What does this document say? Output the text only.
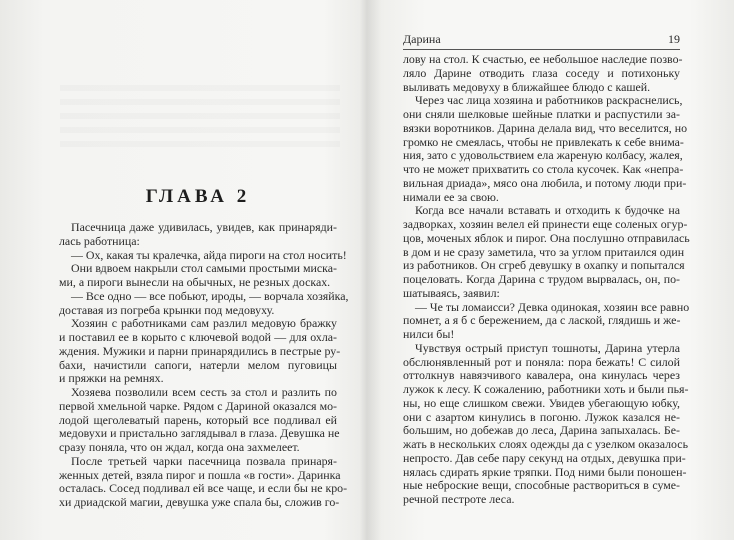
ГЛАВА 2
Пасечница даже удивилась, увидев, как принаряди-
лась работница:
— Ох, какая ты кралечка, айда пироги на стол носить!
Они вдвоем накрыли стол самыми простыми миска-
ми, а пироги вынесли на обычных, не резных досках.
— Все одно — все побьют, ироды, — ворчала хозяйка,
доставая из погреба крынки под медовуху.
Хозяин с работниками сам разлил медовую бражку
и поставил ее в корыто с ключевой водой — для охла-
ждения. Мужики и парни принарядились в пестрые ру-
бахи, начистили сапоги, натерли мелом пуговицы
и пряжки на ремнях.
Хозяева позволили всем сесть за стол и разлить по
первой хмельной чарке. Рядом с Дариной оказался мо-
лодой щеголеватый парень, который все подливал ей
медовухи и пристально заглядывал в глаза. Девушка не
сразу поняла, что он ждал, когда она захмелеет.
После третьей чарки пасечница позвала принаря-
женных детей, взяла пирог и пошла «в гости». Даринка
осталась. Сосед подливал ей все чаще, и если бы не кро-
хи дриадской магии, девушка уже спала бы, сложив го-
Дарина	19
лову на стол. К счастью, ее небольшое наследие позво-
ляло Дарине отводить глаза соседу и потихоньку
выливать медовуху в ближайшее блюдо с кашей.
Через час лица хозяина и работников раскраснелись,
они сняли шелковые шейные платки и распустили за-
вязки воротников. Дарина делала вид, что веселится, но
громко не смеялась, чтобы не привлекать к себе внима-
ния, зато с удовольствием ела жареную колбасу, жалея,
что не может прихватить со стола кусочек. Как «непра-
вильная дриада», мясо она любила, и потому люди при-
нимали ее за свою.
Когда все начали вставать и отходить к будочке на
задворках, хозяин велел ей принести еще соленых огур-
цов, моченых яблок и пирог. Она послушно отправилась
в дом и не сразу заметила, что за углом притаился один
из работников. Он сгреб девушку в охапку и попытался
поцеловать. Когда Дарина с трудом вырвалась, он, по-
шатываясь, заявил:
— Че ты ломаисси? Девка одинокая, хозяин все равно
помнет, а я б с бережением, да с лаской, глядишь и же-
нилси бы!
Чувствуя острый приступ тошноты, Дарина утерла
обслюнявленный рот и поняла: пора бежать! С силой
оттолкнув навязчивого кавалера, она кинулась через
лужок к лесу. К сожалению, работники хоть и были пья-
ны, но еще слишком свежи. Увидев убегающую юбку,
они с азартом кинулись в погоню. Лужок казался не-
большим, но добежав до леса, Дарина запыхалась. Бе-
жать в нескольких слоях одежды да с узелком оказалось
непросто. Дав себе пару секунд на отдых, девушка при-
нялась сдирать яркие тряпки. Под ними были поношен-
ные неброские вещи, способные раствориться в суме-
речной пестроте леса.
